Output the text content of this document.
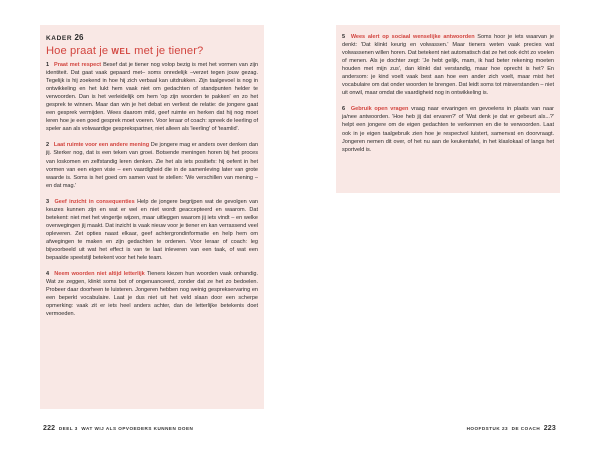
KADER 26
Hoe praat je WEL met je tiener?

1 Praat met respect Besef dat je tiener nog volop bezig is met het vormen van zijn identiteit. Dat gaat vaak gepaard met– soms onredelijk –verzet tegen jouw gezag. Tegelijk is hij zoekend in hoe hij zich verbaal kan uitdrukken. Zijn taalgevoel is nog in ontwikkeling en het lukt hem vaak niet om gedachten of standpunten helder te verwoorden. Dan is het verleidelijk om hem 'op zijn woorden te pakken' en zo het gesprek te winnen. Maar dan win je het debat en verliest de relatie: de jongere gaat een gesprek vermijden. Wees daarom mild, geef ruimte en herken dat hij nog moet leren hoe je een goed gesprek moet voeren. Voor leraar of coach: spreek de leerling of speler aan als volwaardige gesprekspartner, niet alleen als 'leerling' of 'teamlid'.

2 Laat ruimte voor een andere mening De jongere mag er anders over denken dan jij. Sterker nog, dat is een teken van groei. Botsende meningen horen bij het proces van loskomen en zelfstandig leren denken. Zie het als iets positiefs: hij oefent in het vormen van een eigen visie – een vaardigheid die in de samenleving later van grote waarde is. Soms is het goed om samen vast te stellen: 'We verschillen van mening – en dat mag.'

3 Geef inzicht in consequenties Help de jongere begrijpen wat de gevolgen van keuzes kunnen zijn en wat er wel en niet wordt geaccepteerd en waarom. Dat betekent: niet met het vingertje wijzen, maar uitleggen waarom jij iets vindt – en welke overwegingen jij maakt. Dat inzicht is vaak nieuw voor je tiener en kan verrassend veel opleveren. Zet opties naast elkaar, geef achtergrondinformatie en help hem om afwegingen te maken en zijn gedachten te ordenen. Voor leraar of coach: leg bijvoorbeeld uit wat het effect is van te laat inleveren van een taak, of wat een bepaalde speelstijl betekent voor het hele team.

4 Neem woorden niet altijd letterlijk Tieners kiezen hun woorden vaak onhandig. Wat ze zeggen, klinkt soms bot of ongenuanceerd, zonder dat ze het zo bedoelen. Probeer daar doorheen te luisteren. Jongeren hebben nog weinig gesprekservaring en een beperkt vocabulaire. Laat je dus niet uit het veld slaan door een scherpe opmerking: vaak zit er iets heel anders achter, dan de letterlijke betekenis doet vermoeden.

222 DEEL 3 WAT WIJ ALS OPVOEDERS KUNNEN DOEN

5 Wees alert op sociaal wenselijke antwoorden Soms hoor je iets waarvan je denkt: 'Dat klinkt keurig en volwassen.' Maar tieners weten vaak precies wat volwassenen willen horen. Dat betekent niet automatisch dat ze het ook écht zo voelen of menen. Als je dochter zegt: 'Je hebt gelijk, mam, ik had beter rekening moeten houden met mijn zus', dan klinkt dat verstandig, maar hoe oprecht is het? En andersom: je kind voelt vaak best aan hoe een ander zich voelt, maar mist het vocabulaire om dat onder woorden te brengen. Dat leidt soms tot misverstanden – niet uit onwil, maar omdat die vaardigheid nog in ontwikkeling is.

6 Gebruik open vragen vraag naar ervaringen en gevoelens in plaats van naar ja/nee antwoorden. 'Hoe heb jij dat ervaren?' of 'Wat denk je dat er gebeurt als...?' helpt een jongere om de eigen gedachten te verkennen en die te verwoorden. Laat ook in je eigen taalgebruik zien hoe je respectvol luistert, samenvat en doorvraagt. Jongeren nemen dit over, of het nu aan de keukentafel, in het klaslokaal of langs het sportveld is.

HOOFDSTUK 23 DE COACH 223
